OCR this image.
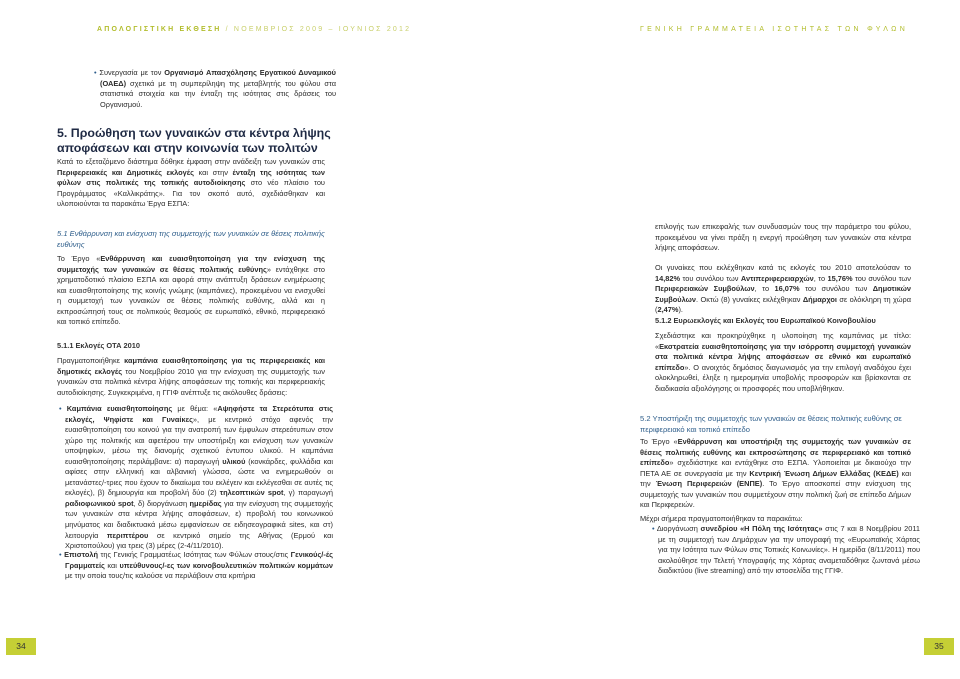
ΑΠΟΛΟΓΙΣΤΙΚΗ ΕΚΘΕΣΗ / ΝΟΕΜΒΡΙΟΣ 2009 – ΙΟΥΝΙΟΣ 2012
• Συνεργασία με τον Οργανισμό Απασχόλησης Εργατικού Δυναμικού (ΟΑΕΔ) σχετικά με τη συμπερίληψη της μεταβλητής του φύλου στα στατιστικά στοιχεία και την ένταξη της ισότητας στις δράσεις του Οργανισμού.
5. Προώθηση των γυναικών στα κέντρα λήψης αποφάσεων και στην κοινωνία των πολιτών
Κατά το εξεταζόμενο διάστημα δόθηκε έμφαση στην ανάδειξη των γυναικών στις Περιφερειακές και Δημοτικές εκλογές και στην ένταξη της ισότητας των φύλων στις πολιτικές της τοπικής αυτοδιοίκησης στο νέο πλαίσιο του Προγράμματος «Καλλικράτης». Για τον σκοπό αυτό, σχεδιάσθηκαν και υλοποιούνται τα παρακάτω Έργα ΕΣΠΑ:
5.1 Ενθάρρυνση και ενίσχυση της συμμετοχής των γυναικών σε θέσεις πολιτικής ευθύνης
Το Έργο «Ενθάρρυνση και ευαισθητοποίηση για την ενίσχυση της συμμετοχής των γυναικών σε θέσεις πολιτικής ευθύνης» εντάχθηκε στο χρηματοδοτικό πλαίσιο ΕΣΠΑ και αφορά στην ανάπτυξη δράσεων ενημέρωσης και ευαισθητοποίησης της κοινής γνώμης (καμπάνιες), προκειμένου να ενισχυθεί η συμμετοχή των γυναικών σε θέσεις πολιτικής ευθύνης, αλλά και η εκπροσώπησή τους σε πολιτικούς θεσμούς σε ευρωπαϊκό, εθνικό, περιφερειακό και τοπικό επίπεδο.
5.1.1 Εκλογές ΟΤΑ 2010
Πραγματοποιήθηκε καμπάνια ευαισθητοποίησης για τις περιφερειακές και δημοτικές εκλογές του Νοεμβρίου 2010 για την ενίσχυση της συμμετοχής των γυναικών στα πολιτικά κέντρα λήψης αποφάσεων της τοπικής και περιφερειακής αυτοδιοίκησης. Συγκεκριμένα, η ΓΓΙΦ ανέπτυξε τις ακόλουθες δράσεις:
• Καμπάνια ευαισθητοποίησης με θέμα: «Αψηφήστε τα Στερεότυπα στις εκλογές, Ψηφίστε και Γυναίκες», με κεντρικό στόχο αφενός την ευαισθητοποίηση του κοινού για την ανατροπή των έμφυλων στερεότυπων στον χώρο της πολιτικής και αφετέρου την υποστήριξη και ενίσχυση των γυναικών υποψηφίων, μέσω της διανομής σχετικού έντυπου υλικού. Η καμπάνια ευαισθητοποίησης περιλάμβανε: α) παραγωγή υλικού (κονκάρδες, φυλλάδια και αφίσες στην ελληνική και αλβανική γλώσσα, ώστε να ενημερωθούν οι μετανάστες/-τριες που έχουν το δικαίωμα του εκλέγειν και εκλέγεσθαι σε αυτές τις εκλογές), β) δημιουργία και προβολή δύο (2) τηλεοπτικών spot, γ) παραγωγή ραδιοφωνικού spot, δ) διοργάνωση ημερίδας για την ενίσχυση της συμμετοχής των γυναικών στα κέντρα λήψης αποφάσεων, ε) προβολή του κοινωνικού μηνύματος και διαδικτυακά μέσω εμφανίσεων σε ειδησεογραφικά sites, και στ) λειτουργία περιπτέρου σε κεντρικό σημείο της Αθήνας (Ερμού και Χριστοπούλου) για τρεις (3) μέρες (2-4/11/2010).
• Επιστολή της Γενικής Γραμματέως Ισότητας των Φύλων στους/στις Γενικούς/-ές Γραμματείς και υπεύθυνους/-ες των κοινοβουλευτικών πολιτικών κομμάτων με την οποία τους/τις καλούσε να περιλάβουν στα κριτήρια
34
ΓΕΝΙΚΗ ΓΡΑΜΜΑΤΕΙΑ ΙΣΟΤΗΤΑΣ ΤΩΝ ΦΥΛΩΝ
επιλογής των επικεφαλής των συνδυασμών τους την παράμετρο του φύλου, προκειμένου να γίνει πράξη η ενεργή προώθηση των γυναικών στα κέντρα λήψης αποφάσεων.
Οι γυναίκες που εκλέχθηκαν κατά τις εκλογές του 2010 αποτελούσαν το 14,82% του συνόλου των Αντιπεριφερειαρχών, το 15,76% του συνόλου των Περιφερειακών Συμβούλων, το 16,07% του συνόλου των Δημοτικών Συμβούλων. Οκτώ (8) γυναίκες εκλέχθηκαν Δήμαρχοι σε ολόκληρη τη χώρα (2,47%).
5.1.2 Ευρωεκλογές και Εκλογές του Ευρωπαϊκού Κοινοβουλίου
Σχεδιάστηκε και προκηρύχθηκε η υλοποίηση της καμπάνιας με τίτλο: «Εκστρατεία ευαισθητοποίησης για την ισόρροπη συμμετοχή γυναικών στα πολιτικά κέντρα λήψης αποφάσεων σε εθνικό και ευρωπαϊκό επίπεδο». Ο ανοιχτός δημόσιος διαγωνισμός για την επιλογή αναδόχου έχει ολοκληρωθεί, έληξε η ημερομηνία υποβολής προσφορών και βρίσκονται σε διαδικασία αξιολόγησης οι προσφορές που υποβλήθηκαν.
5.2 Υποστήριξη της συμμετοχής των γυναικών σε θέσεις πολιτικής ευθύνης σε περιφερειακό και τοπικό επίπεδο
Το Έργο «Ενθάρρυνση και υποστήριξη της συμμετοχής των γυναικών σε θέσεις πολιτικής ευθύνης και εκπροσώπησης σε περιφερειακό και τοπικό επίπεδο» σχεδιάστηκε και εντάχθηκε στο ΕΣΠΑ. Υλοποιείται με δικαιούχο την ΠΕΤΑ ΑΕ σε συνεργασία με την Κεντρική Ένωση Δήμων Ελλάδας (ΚΕΔΕ) και την Ένωση Περιφερειών (ΕΝΠΕ). Το Έργο αποσκοπεί στην ενίσχυση της συμμετοχής των γυναικών που συμμετέχουν στην πολιτική ζωή σε επίπεδο Δήμων και Περιφερειών.
Μέχρι σήμερα πραγματοποιήθηκαν τα παρακάτω:
• Διοργάνωση συνεδρίου «Η Πόλη της Ισότητας» στις 7 και 8 Νοεμβρίου 2011 με τη συμμετοχή των Δημάρχων για την υπογραφή της «Ευρωπαϊκής Χάρτας για την Ισότητα των Φύλων στις Τοπικές Κοινωνίες». Η ημερίδα (8/11/2011) που ακολούθησε την Τελετή Υπογραφής της Χάρτας αναμεταδόθηκε ζωντανά μέσω διαδικτύου (live streaming) από την ιστοσελίδα της ΓΓΙΦ.
35
